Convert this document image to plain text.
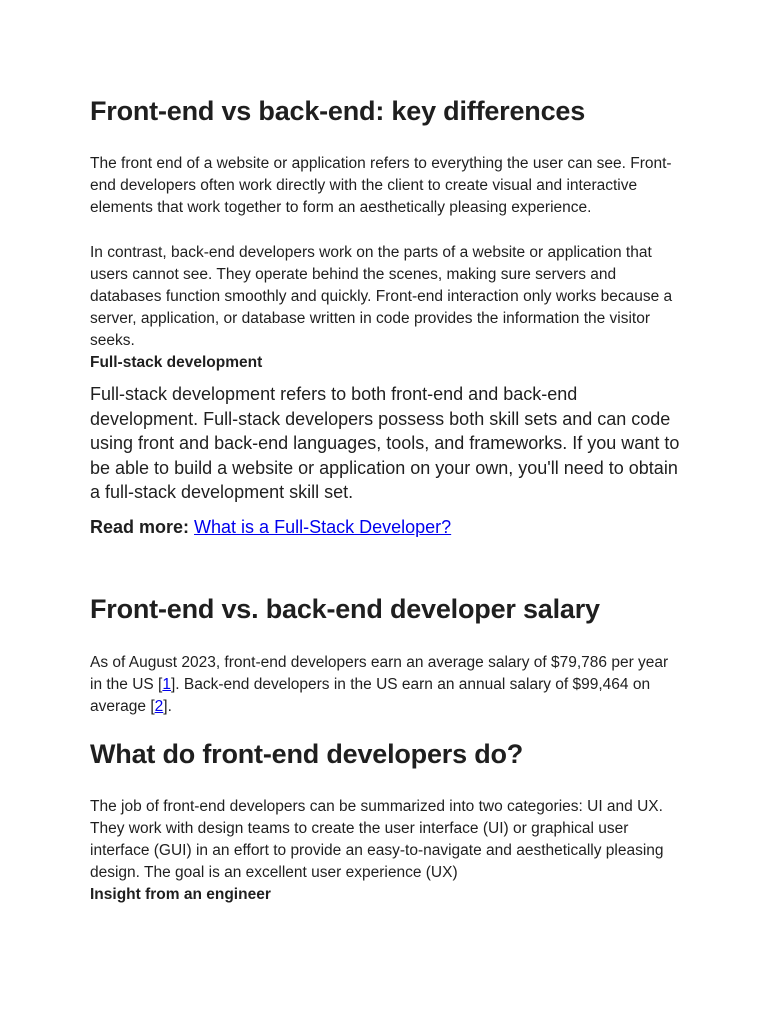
Front-end vs back-end: key differences

The front end of a website or application refers to everything the user can see. Front-end developers often work directly with the client to create visual and interactive elements that work together to form an aesthetically pleasing experience.

In contrast, back-end developers work on the parts of a website or application that users cannot see. They operate behind the scenes, making sure servers and databases function smoothly and quickly. Front-end interaction only works because a server, application, or database written in code provides the information the visitor seeks.

Full-stack development

Full-stack development refers to both front-end and back-end development. Full-stack developers possess both skill sets and can code using front and back-end languages, tools, and frameworks. If you want to be able to build a website or application on your own, you'll need to obtain a full-stack development skill set.

Read more: What is a Full-Stack Developer?

Front-end vs. back-end developer salary

As of August 2023, front-end developers earn an average salary of $79,786 per year in the US [1]. Back-end developers in the US earn an annual salary of $99,464 on average [2].

What do front-end developers do?

The job of front-end developers can be summarized into two categories: UI and UX. They work with design teams to create the user interface (UI) or graphical user interface (GUI) in an effort to provide an easy-to-navigate and aesthetically pleasing design. The goal is an excellent user experience (UX)

Insight from an engineer
